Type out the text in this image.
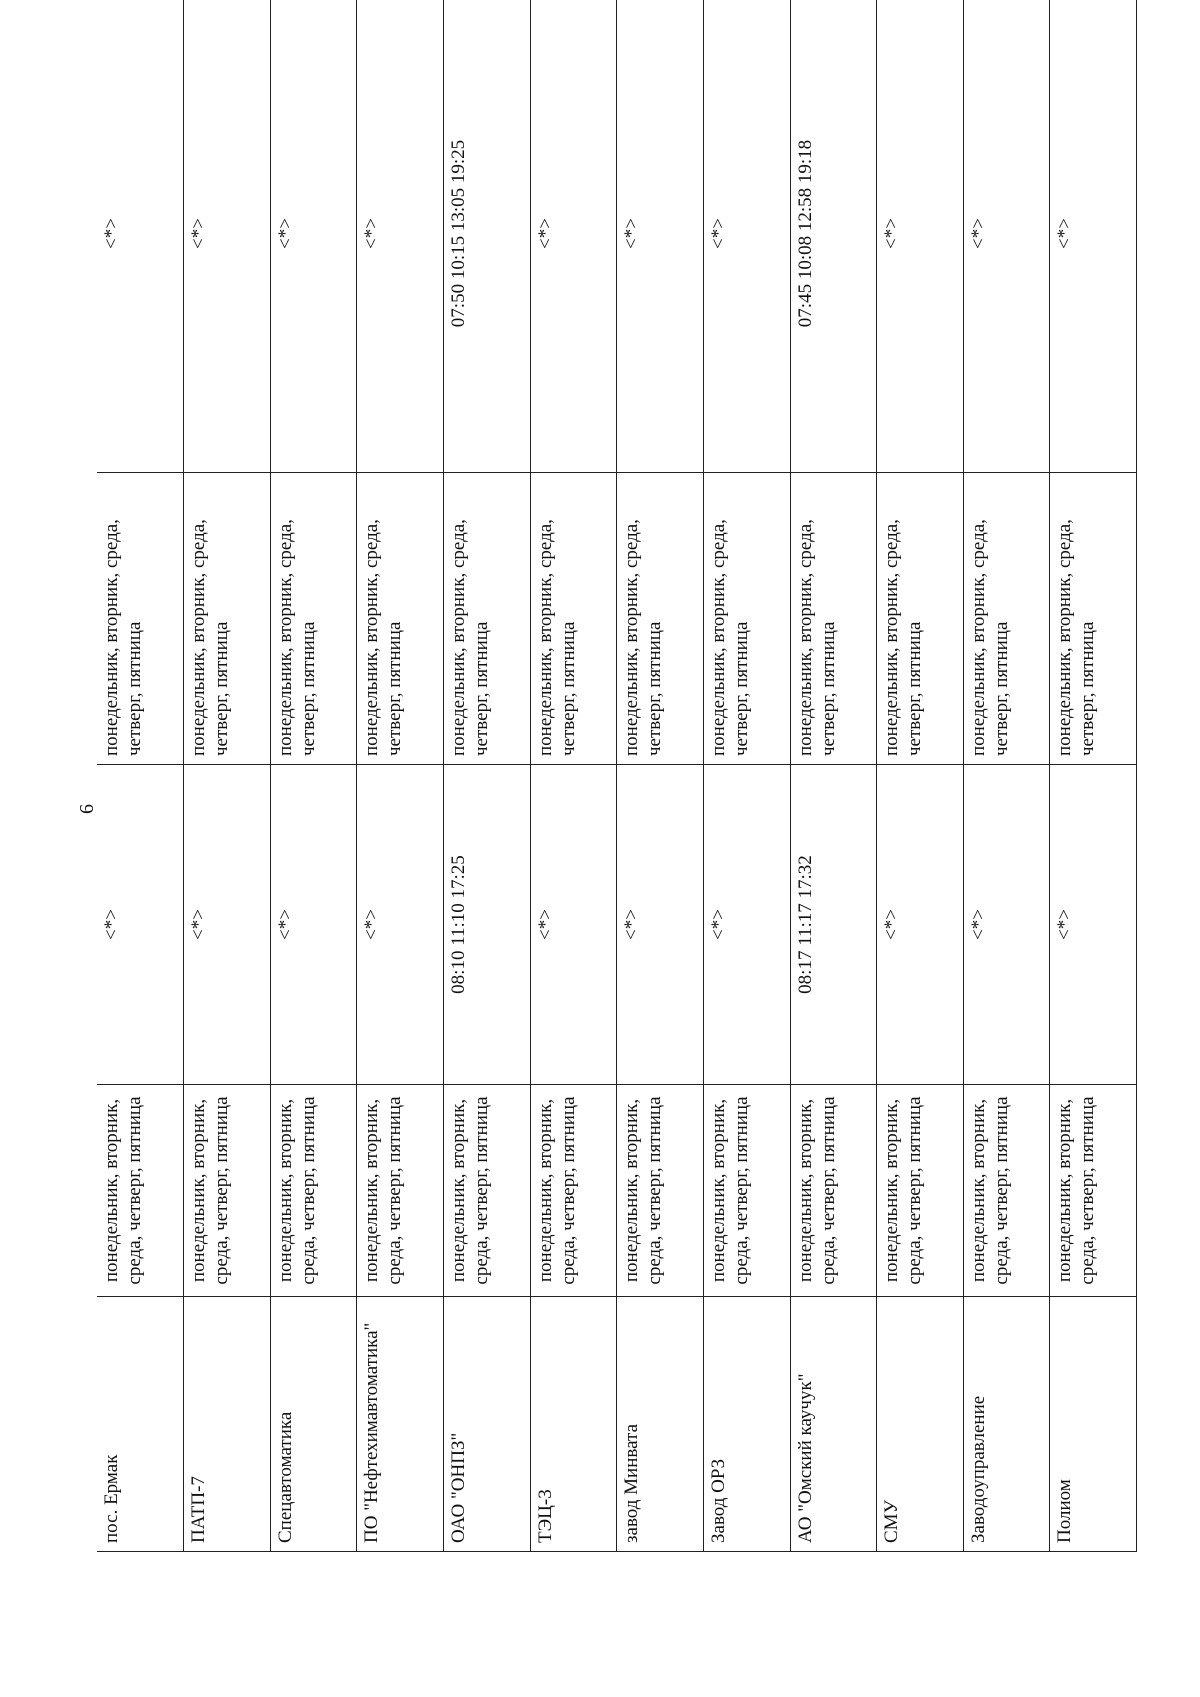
6
пос. Ермак	понедельник, вторник, среда, четверг, пятница	<*>	понедельник, вторник, среда, четверг, пятница	<*>
ПАТП-7	понедельник, вторник, среда, четверг, пятница	<*>	понедельник, вторник, среда, четверг, пятница	<*>
Спецавтоматика	понедельник, вторник, среда, четверг, пятница	<*>	понедельник, вторник, среда, четверг, пятница	<*>
ПО "Нефтехимавтоматика"	понедельник, вторник, среда, четверг, пятница	<*>	понедельник, вторник, среда, четверг, пятница	<*>
ОАО "ОНПЗ"	понедельник, вторник, среда, четверг, пятница	08:10 11:10 17:25	понедельник, вторник, среда, четверг, пятница	07:50 10:15 13:05 19:25
ТЭЦ-3	понедельник, вторник, среда, четверг, пятница	<*>	понедельник, вторник, среда, четверг, пятница	<*>
завод Минвата	понедельник, вторник, среда, четверг, пятница	<*>	понедельник, вторник, среда, четверг, пятница	<*>
Завод ОРЗ	понедельник, вторник, среда, четверг, пятница	<*>	понедельник, вторник, среда, четверг, пятница	<*>
АО "Омский каучук"	понедельник, вторник, среда, четверг, пятница	08:17 11:17 17:32	понедельник, вторник, среда, четверг, пятница	07:45 10:08 12:58 19:18
СМУ	понедельник, вторник, среда, четверг, пятница	<*>	понедельник, вторник, среда, четверг, пятница	<*>
Заводоуправление	понедельник, вторник, среда, четверг, пятница	<*>	понедельник, вторник, среда, четверг, пятница	<*>
Полиом	понедельник, вторник, среда, четверг, пятница	<*>	понедельник, вторник, среда, четверг, пятница	<*>
